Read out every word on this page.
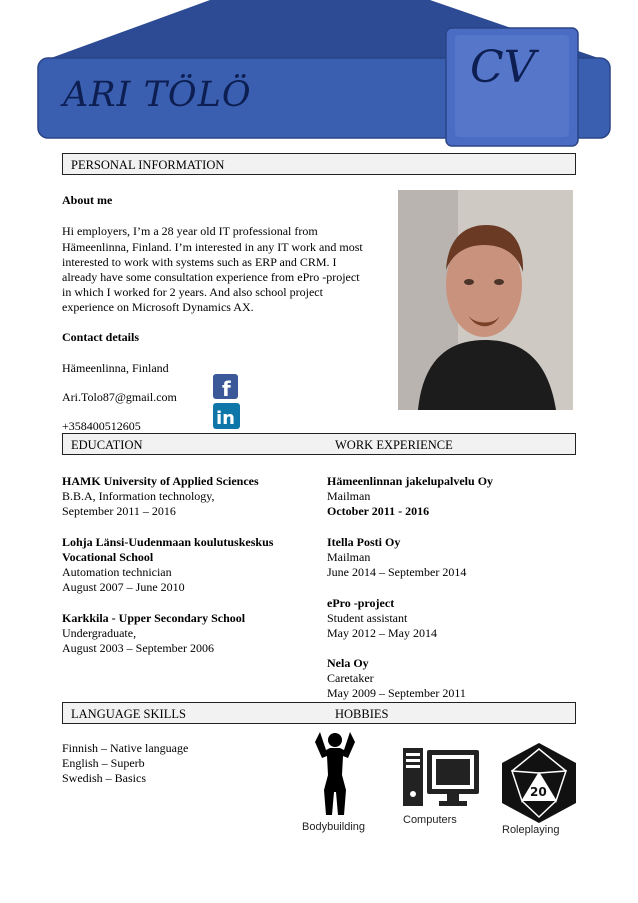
ARI TÖLÖ
CV
PERSONAL INFORMATION
About me
Hi employers, I’m a 28 year old IT professional from
Hämeenlinna, Finland. I’m interested in any IT work and most
interested to work with systems such as ERP and CRM. I
already have some consultation experience from ePro -project
in which I worked for 2 years. And also school project
experience on Microsoft Dynamics AX.
Contact details
Hämeenlinna, Finland
Ari.Tolo87@gmail.com
+358400512605
f
in
EDUCATION	WORK EXPERIENCE
HAMK University of Applied Sciences
B.B.A, Information technology,
September 2011 – 2016
Lohja Länsi-Uudenmaan koulutuskeskus
Vocational School
Automation technician
August 2007 – June 2010
Karkkila - Upper Secondary School
Undergraduate,
August 2003 – September 2006
Hämeenlinnan jakelupalvelu Oy
Mailman
October 2011 - 2016
Itella Posti Oy
Mailman
June 2014 – September 2014
ePro -project
Student assistant
May 2012 – May 2014
Nela Oy
Caretaker
May 2009 – September 2011
LANGUAGE SKILLS	HOBBIES
Finnish – Native language
English – Superb
Swedish – Basics
Bodybuilding
Computers
20
Roleplaying
